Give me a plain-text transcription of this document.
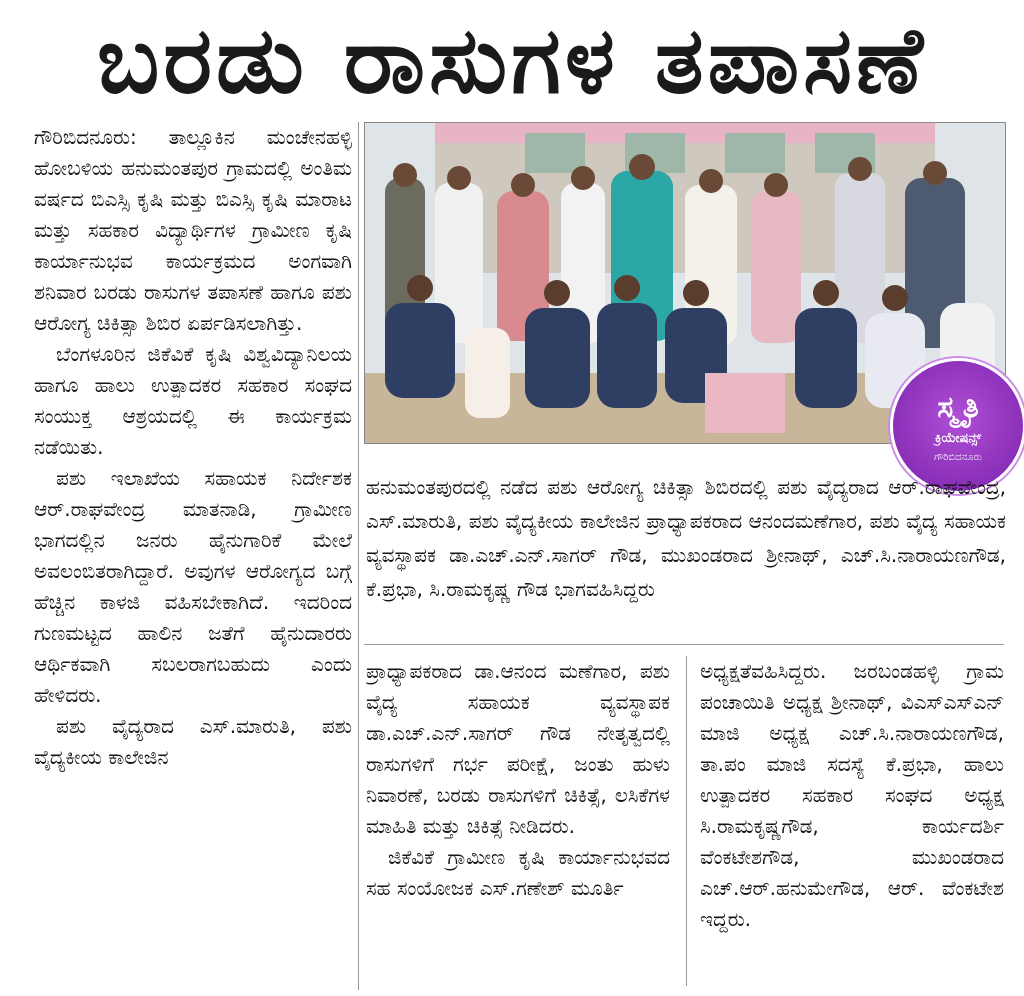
ಬರಡು ರಾಸುಗಳ ತಪಾಸಣೆ

ಗೌರಿಬಿದನೂರು: ತಾಲ್ಲೂಕಿನ ಮಂಚೇನಹಳ್ಳಿ ಹೋಬಳಿಯ ಹನುಮಂತಪುರ ಗ್ರಾಮದಲ್ಲಿ ಅಂತಿಮ ವರ್ಷದ ಬಿಎಸ್ಸಿ ಕೃಷಿ ಮತ್ತು ಬಿಎಸ್ಸಿ ಕೃಷಿ ಮಾರಾಟ ಮತ್ತು ಸಹಕಾರ ವಿದ್ಯಾರ್ಥಿಗಳ ಗ್ರಾಮೀಣ ಕೃಷಿ ಕಾರ್ಯಾನುಭವ ಕಾರ್ಯಕ್ರಮದ ಅಂಗವಾಗಿ ಶನಿವಾರ ಬರಡು ರಾಸುಗಳ ತಪಾಸಣೆ ಹಾಗೂ ಪಶು ಆರೋಗ್ಯ ಚಿಕಿತ್ಸಾ ಶಿಬಿರ ಏರ್ಪಡಿಸಲಾಗಿತ್ತು.

ಬೆಂಗಳೂರಿನ ಜಿಕೆವಿಕೆ ಕೃಷಿ ವಿಶ್ವವಿದ್ಯಾನಿಲಯ ಹಾಗೂ ಹಾಲು ಉತ್ಪಾದಕರ ಸಹಕಾರ ಸಂಘದ ಸಂಯುಕ್ತ ಆಶ್ರಯದಲ್ಲಿ ಈ ಕಾರ್ಯಕ್ರಮ ನಡೆಯಿತು.

ಪಶು ಇಲಾಖೆಯ ಸಹಾಯಕ ನಿರ್ದೇಶಕ ಆರ್.ರಾಘವೇಂದ್ರ ಮಾತನಾಡಿ, ಗ್ರಾಮೀಣ ಭಾಗದಲ್ಲಿನ ಜನರು ಹೈನುಗಾರಿಕೆ ಮೇಲೆ ಅವಲಂಬಿತರಾಗಿದ್ದಾರೆ. ಅವುಗಳ ಆರೋಗ್ಯದ ಬಗ್ಗೆ ಹೆಚ್ಚಿನ ಕಾಳಜಿ ವಹಿಸಬೇಕಾಗಿದೆ. ಇದರಿಂದ ಗುಣಮಟ್ಟದ ಹಾಲಿನ ಜತೆಗೆ ಹೈನುದಾರರು ಆರ್ಥಿಕವಾಗಿ ಸಬಲರಾಗಬಹುದು ಎಂದು ಹೇಳಿದರು.

ಪಶು ವೈದ್ಯರಾದ ಎಸ್.ಮಾರುತಿ, ಪಶು ವೈದ್ಯಕೀಯ ಕಾಲೇಜಿನ

ಸ್ಮೃತಿ
ಕ್ರಿಯೇಷನ್ಸ್
ಗೌರಿಬಿದನೂರು
ಹನುಮಂತಪುರದಲ್ಲಿ ನಡೆದ ಪಶು ಆರೋಗ್ಯ ಚಿಕಿತ್ಸಾ ಶಿಬಿರದಲ್ಲಿ ಪಶು ವೈದ್ಯರಾದ ಆರ್.ರಾಘವೇಂದ್ರ, ಎಸ್.ಮಾರುತಿ, ಪಶು ವೈದ್ಯಕೀಯ ಕಾಲೇಜಿನ ಪ್ರಾಧ್ಯಾಪಕರಾದ ಆನಂದಮಣೆಗಾರ, ಪಶು ವೈದ್ಯ ಸಹಾಯಕ ವ್ಯವಸ್ಥಾಪಕ ಡಾ.ಎಚ್.ಎನ್.ಸಾಗರ್ ಗೌಡ, ಮುಖಂಡರಾದ ಶ್ರೀನಾಥ್, ಎಚ್.ಸಿ.ನಾರಾಯಣಗೌಡ, ಕೆ.ಪ್ರಭಾ, ಸಿ.ರಾಮಕೃಷ್ಣ ಗೌಡ ಭಾಗವಹಿಸಿದ್ದರು

ಪ್ರಾಧ್ಯಾಪಕರಾದ ಡಾ.ಆನಂದ ಮಣೆಗಾರ, ಪಶು ವೈದ್ಯ ಸಹಾಯಕ ವ್ಯವಸ್ಥಾಪಕ ಡಾ.ಎಚ್.ಎನ್.ಸಾಗರ್ ಗೌಡ ನೇತೃತ್ವದಲ್ಲಿ ರಾಸುಗಳಿಗೆ ಗರ್ಭ ಪರೀಕ್ಷೆ, ಜಂತು ಹುಳು ನಿವಾರಣೆ, ಬರಡು ರಾಸುಗಳಿಗೆ ಚಿಕಿತ್ಸೆ, ಲಸಿಕೆಗಳ ಮಾಹಿತಿ ಮತ್ತು ಚಿಕಿತ್ಸೆ ನೀಡಿದರು.

ಜಿಕೆವಿಕೆ ಗ್ರಾಮೀಣ ಕೃಷಿ ಕಾರ್ಯಾನುಭವದ ಸಹ ಸಂಯೋಜಕ ಎಸ್.ಗಣೇಶ್ ಮೂರ್ತಿ

ಅಧ್ಯಕ್ಷತೆವಹಿಸಿದ್ದರು. ಜರಬಂಡಹಳ್ಳಿ ಗ್ರಾಮ ಪಂಚಾಯಿತಿ ಅಧ್ಯಕ್ಷ ಶ್ರೀನಾಥ್, ವಿಎಸ್ಎಸ್ಎನ್ ಮಾಜಿ ಅಧ್ಯಕ್ಷ ಎಚ್.ಸಿ.ನಾರಾಯಣಗೌಡ, ತಾ.ಪಂ ಮಾಜಿ ಸದಸ್ಯೆ ಕೆ.ಪ್ರಭಾ, ಹಾಲು ಉತ್ಪಾದಕರ ಸಹಕಾರ ಸಂಘದ ಅಧ್ಯಕ್ಷ ಸಿ.ರಾಮಕೃಷ್ಣಗೌಡ, ಕಾರ್ಯದರ್ಶಿ ವೆಂಕಟೇಶಗೌಡ, ಮುಖಂಡರಾದ ಎಚ್.ಆರ್.ಹನುಮೇಗೌಡ, ಆರ್. ವೆಂಕಟೇಶ ಇದ್ದರು.
